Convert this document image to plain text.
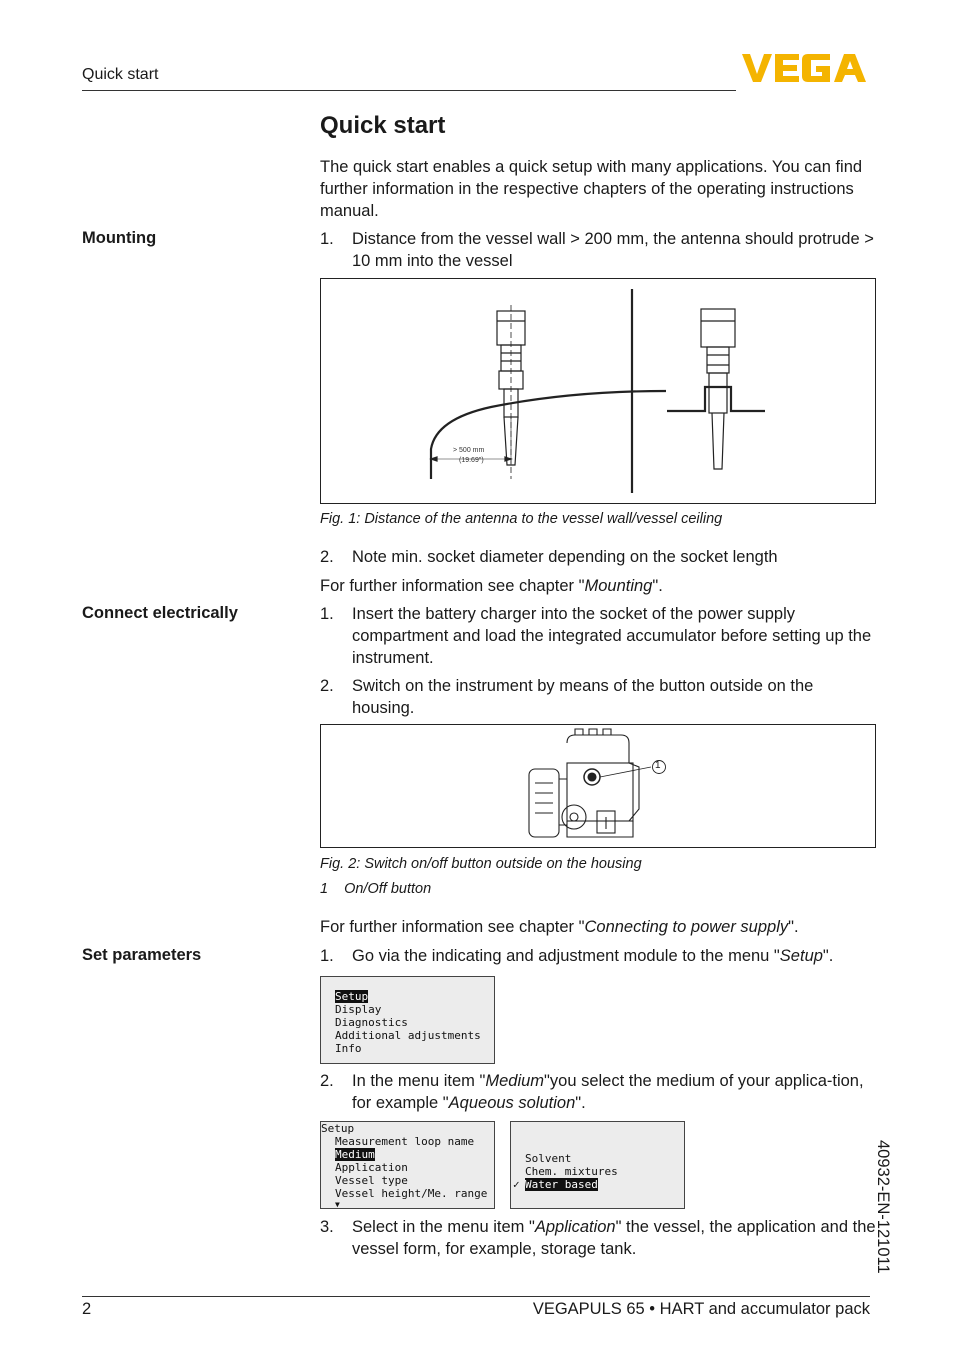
Quick start
Quick start
The quick start enables a quick setup with many applications. You can find further information in the respective chapters of the operating instructions manual.
Mounting	1. Distance from the vessel wall > 200 mm, the antenna should protrude > 10 mm into the vessel
> 500 mm
(19.69")
Fig. 1: Distance of the antenna to the vessel wall/vessel ceiling
2. Note min. socket diameter depending on the socket length
For further information see chapter "Mounting".
Connect electrically	1. Insert the battery charger into the socket of the power supply compartment and load the integrated accumulator before setting up the instrument.
2. Switch on the instrument by means of the button outside on the housing.
1
Fig. 2: Switch on/off button outside on the housing
1 On/Off button
For further information see chapter "Connecting to power supply".
Set parameters	1. Go via the indicating and adjustment module to the menu "Setup".
Setup
Display
Diagnostics
Additional adjustments
Info
2. In the menu item "Medium"you select the medium of your applica-tion, for example "Aqueous solution".
Setup
Measurement loop name
Medium
Application
Vessel type
Vessel height/Me. range
▼
Solvent
Chem. mixtures
✓ Water based
3. Select in the menu item "Application" the vessel, the application and the vessel form, for example, storage tank.	40932-EN-121011
2	VEGAPULS 65 • HART and accumulator pack
